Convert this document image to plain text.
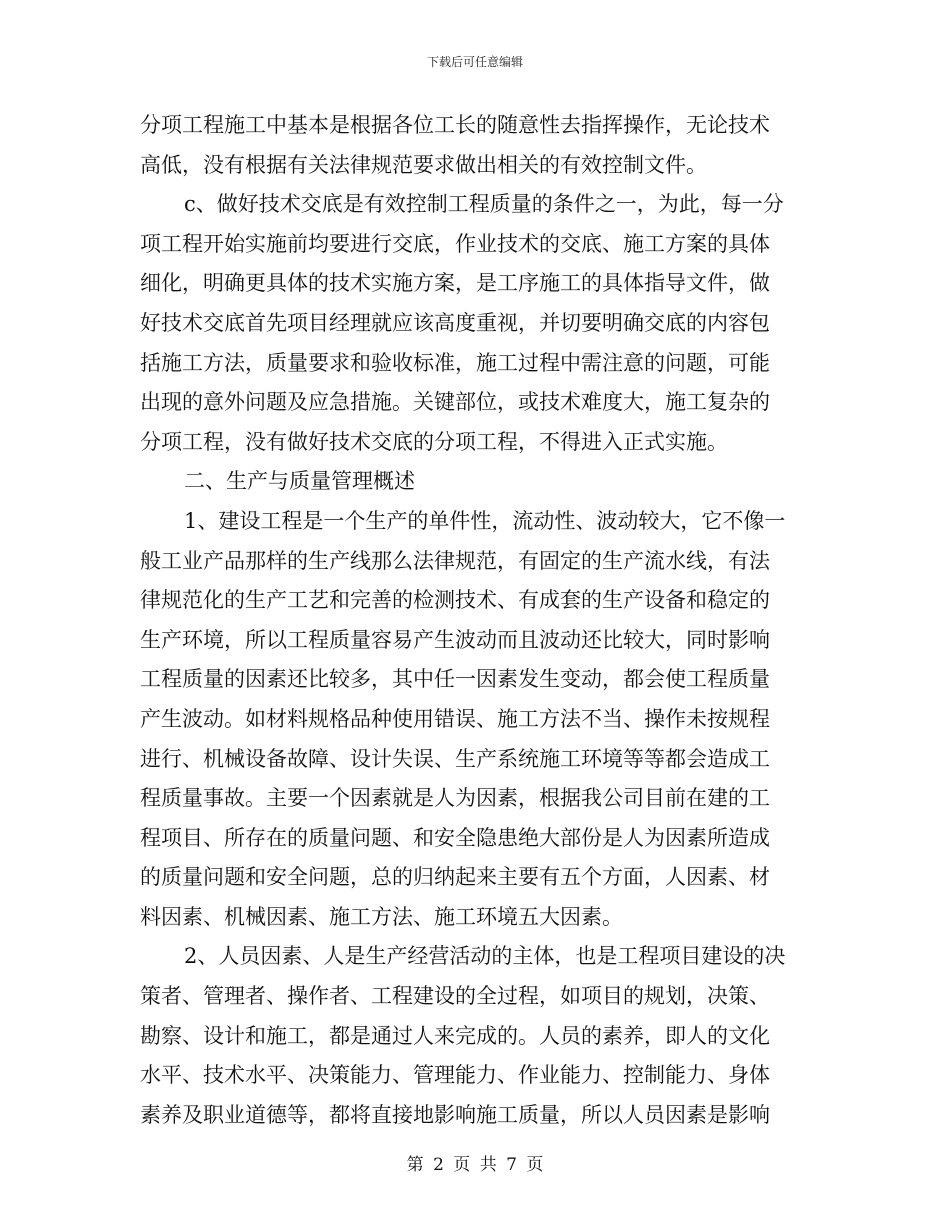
下载后可任意编辑
分项工程施工中基本是根据各位工长的随意性去指挥操作，无论技术
高低，没有根据有关法律规范要求做出相关的有效控制文件。
c、做好技术交底是有效控制工程质量的条件之一，为此，每一分
项工程开始实施前均要进行交底，作业技术的交底、施工方案的具体
细化，明确更具体的技术实施方案，是工序施工的具体指导文件，做
好技术交底首先项目经理就应该高度重视，并切要明确交底的内容包
括施工方法，质量要求和验收标准，施工过程中需注意的问题，可能
出现的意外问题及应急措施。关键部位，或技术难度大，施工复杂的
分项工程，没有做好技术交底的分项工程，不得进入正式实施。
二、生产与质量管理概述
1、建设工程是一个生产的单件性，流动性、波动较大，它不像一
般工业产品那样的生产线那么法律规范，有固定的生产流水线，有法
律规范化的生产工艺和完善的检测技术、有成套的生产设备和稳定的
生产环境，所以工程质量容易产生波动而且波动还比较大，同时影响
工程质量的因素还比较多，其中任一因素发生变动，都会使工程质量
产生波动。如材料规格品种使用错误、施工方法不当、操作未按规程
进行、机械设备故障、设计失误、生产系统施工环境等等都会造成工
程质量事故。主要一个因素就是人为因素，根据我公司目前在建的工
程项目、所存在的质量问题、和安全隐患绝大部份是人为因素所造成
的质量问题和安全问题，总的归纳起来主要有五个方面，人因素、材
料因素、机械因素、施工方法、施工环境五大因素。
2、人员因素、人是生产经营活动的主体，也是工程项目建设的决
策者、管理者、操作者、工程建设的全过程，如项目的规划，决策、
勘察、设计和施工，都是通过人来完成的。人员的素养，即人的文化
水平、技术水平、决策能力、管理能力、作业能力、控制能力、身体
素养及职业道德等，都将直接地影响施工质量，所以人员因素是影响
第 2 页 共 7 页
